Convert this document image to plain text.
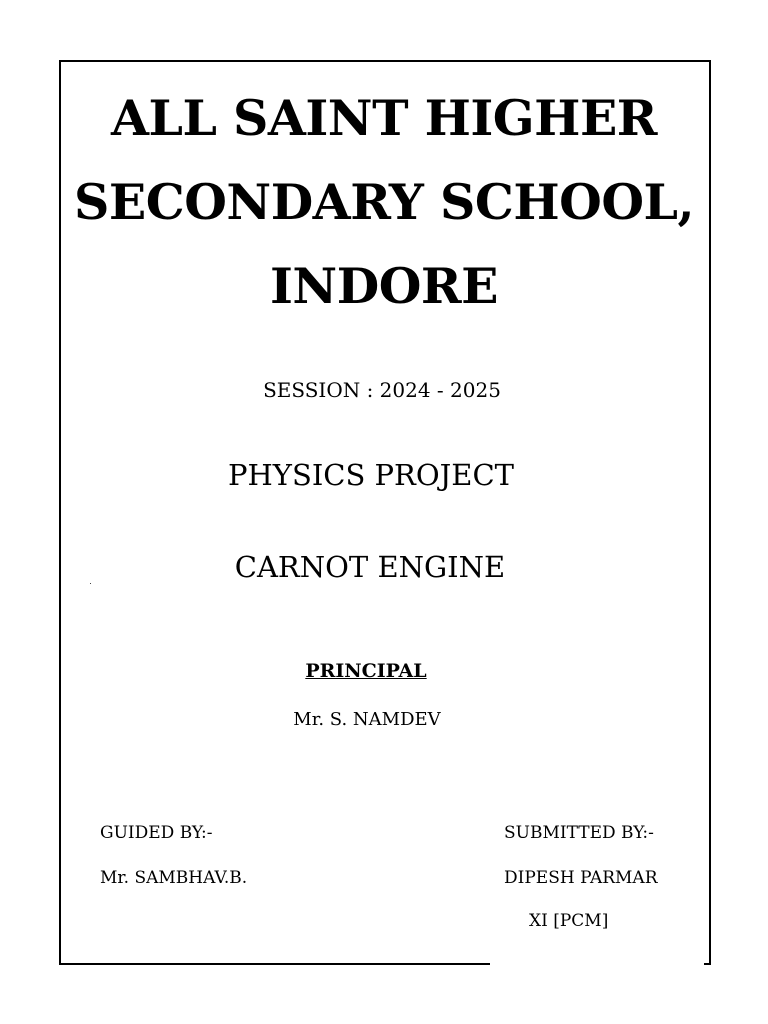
ALL SAINT HIGHER
SECONDARY SCHOOL,
INDORE
SESSION : 2024 - 2025
PHYSICS PROJECT
CARNOT ENGINE
PRINCIPAL
Mr. S. NAMDEV
GUIDED BY:-
Mr. SAMBHAV.B.
SUBMITTED BY:-
DIPESH PARMAR
XI [PCM]
